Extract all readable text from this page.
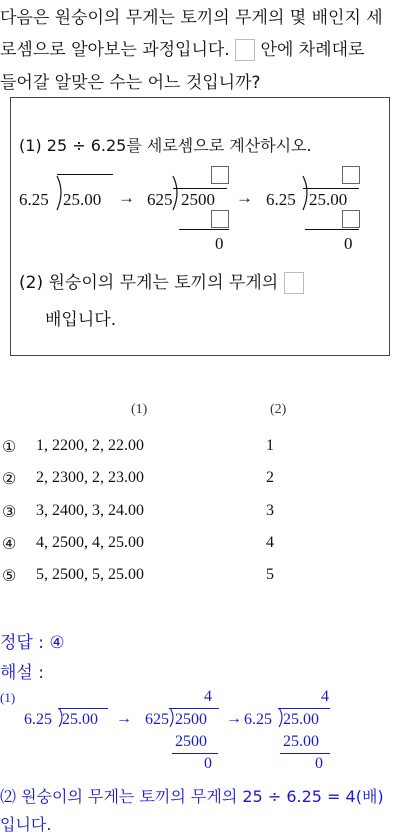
다음은 원숭이의 무게는 토끼의 무게의 몇 배인지 세
로셈으로 알아보는 과정입니다. 안에 차례대로
들어갈 알맞은 수는 어느 것입니까?
(1) 25 ÷ 6.25를 세로셈으로 계산하시오.
6.25 25.00 → 625 2500
0
→ 6.25 25.00
0
(2) 원숭이의 무게는 토끼의 무게의
배입니다.
(1)	(2)
① 1, 2200, 2, 22.00	1
② 2, 2300, 2, 23.00	2
③ 3, 2400, 3, 24.00	3
④ 4, 2500, 4, 25.00	4
⑤ 5, 2500, 5, 25.00	5
정답 : ④
해설 :
(1)
6.25 25.00 →
4
625 2500
2500
0
→
4
6.25 25.00
25.00
0
⑵ 원숭이의 무게는 토끼의 무게의 25 ÷ 6.25 = 4(배)
입니다.
